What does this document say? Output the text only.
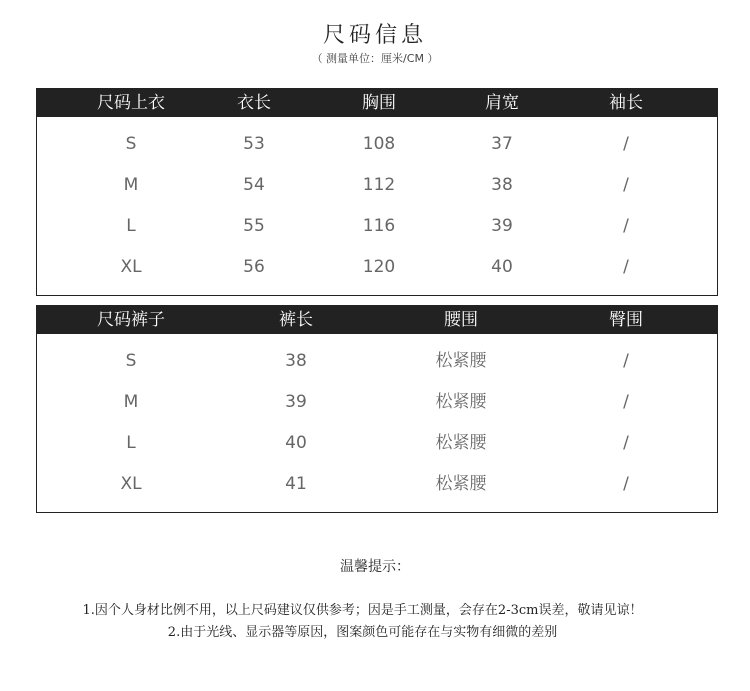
尺码信息
（ 测量单位：厘米/CM ）
尺码上衣	衣长	胸围	肩宽	袖长
S	53	108	37	/
M	54	112	38	/
L	55	116	39	/
XL	56	120	40	/
尺码裤子	裤长	腰围	臀围
S	38	松紧腰	/
M	39	松紧腰	/
L	40	松紧腰	/
XL	41	松紧腰	/
温馨提示：
1.因个人身材比例不用，以上尺码建议仅供参考；因是手工测量，会存在2-3cm误差，敬请见谅！
2.由于光线、显示器等原因，图案颜色可能存在与实物有细微的差别
